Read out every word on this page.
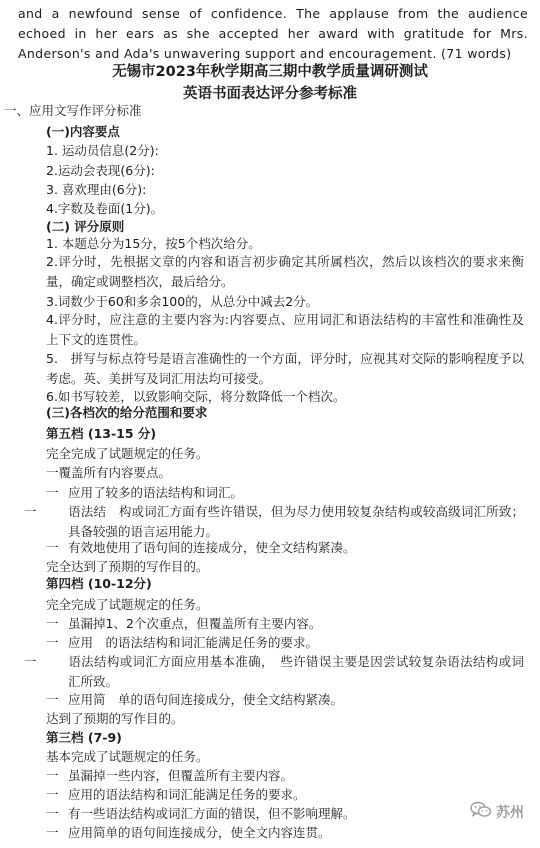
and a newfound sense of confidence. The applause from the audience echoed in her ears as she accepted her award with gratitude for Mrs. Anderson's and Ada's unwavering support and encouragement. (71 words)

无锡市2023年秋学期高三期中教学质量调研测试
英语书面表达评分参考标准
一、应用文写作评分标准
(一)内容要点
1. 运动员信息(2分):
2.运动会表现(6分):
3. 喜欢理由(6分):
4.字数及卷面(1分)。
(二) 评分原则
1. 本题总分为15分，按5个档次给分。
2.评分时，先根据文章的内容和语言初步确定其所属档次，然后以该档次的要求来衡量，确定或调整档次，最后给分。
3.词数少于60和多余100的，从总分中减去2分。
4.评分时，应注意的主要内容为:内容要点、应用词汇和语法结构的丰富性和准确性及上下文的连贯性。
5.　拼写与标点符号是语言准确性的一个方面，评分时，应视其对交际的影响程度予以考虑。英、美拼写及词汇用法均可接受。
6.如书写较差，以致影响交际，将分数降低一个档次。
(三)各档次的给分范围和要求
第五档 (13-15 分)
完全完成了试题规定的任务。
一覆盖所有内容要点。
一 应用了较多的语法结构和词汇。
一	语法结　构或词汇方面有些许错误，但为尽力使用较复杂结构或较高级词汇所致；具备较强的语言运用能力。
一 有效地使用了语句间的连接成分，使全文结构紧凑。
完全达到了预期的写作目的。
第四档 (10-12分)
完全完成了试题规定的任务。
一 虽漏掉1、2个次重点，但覆盖所有主要内容。
一 应用　的语法结构和词汇能满足任务的要求。
一	语法结构或词汇方面应用基本准确，　些许错误主要是因尝试较复杂语法结构或词汇所致。
一 应用简　单的语句间连接成分，使全文结构紧凑。
达到了预期的写作目的。
第三档 (7-9)
基本完成了试题规定的任务。
一 虽漏掉一些内容，但覆盖所有主要内容。
一 应用的语法结构和词汇能满足任务的要求。
一 有一些语法结构或词汇方面的错误，但不影响理解。
一 应用简单的语句间连接成分，使全文内容连贯。
苏州
